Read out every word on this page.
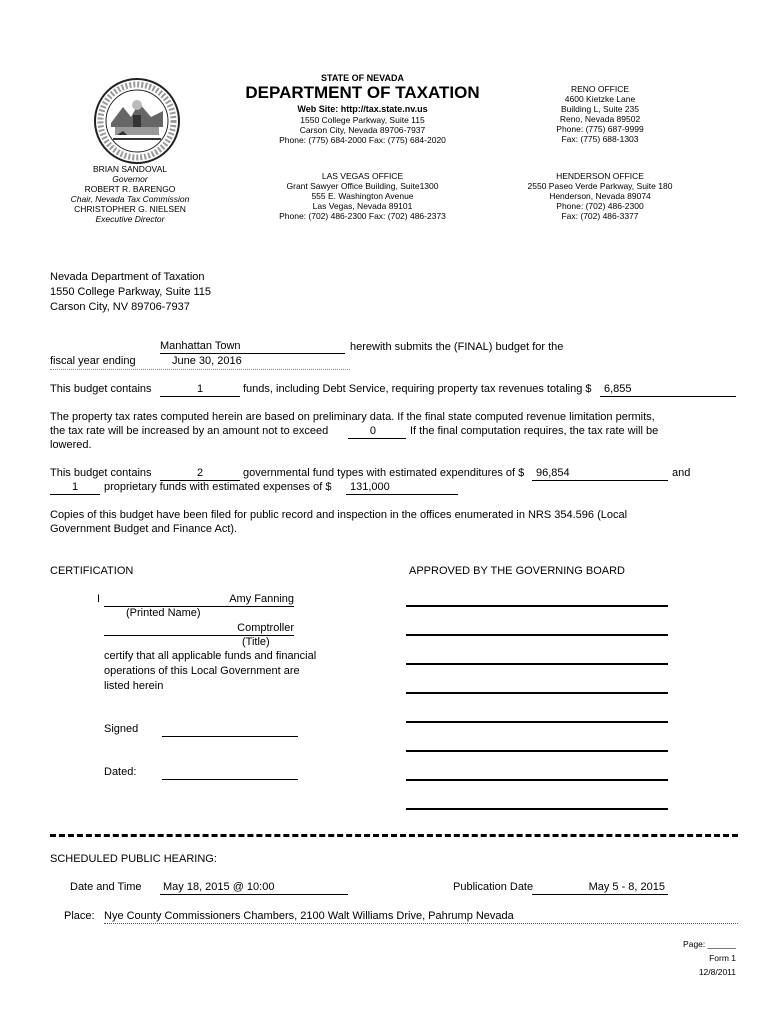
STATE OF NEVADA
DEPARTMENT OF TAXATION
Web Site: http://tax.state.nv.us
1550 College Parkway, Suite 115
Carson City, Nevada 89706-7937
Phone: (775) 684-2000 Fax: (775) 684-2020
RENO OFFICE
4600 Kietzke Lane
Building L, Suite 235
Reno, Nevada 89502
Phone: (775) 687-9999
Fax: (775) 688-1303
BRIAN SANDOVAL
Governor
ROBERT R. BARENGO
Chair, Nevada Tax Commission
CHRISTOPHER G. NIELSEN
Executive Director
LAS VEGAS OFFICE
Grant Sawyer Office Building, Suite1300
555 E. Washington Avenue
Las Vegas, Nevada 89101
Phone: (702) 486-2300 Fax: (702) 486-2373
HENDERSON OFFICE
2550 Paseo Verde Parkway, Suite 180
Henderson, Nevada 89074
Phone: (702) 486-2300
Fax: (702) 486-3377
Nevada Department of Taxation
1550 College Parkway, Suite 115
Carson City, NV 89706-7937
Manhattan Town	herewith submits the (FINAL) budget for the
fiscal year ending	June 30, 2016
This budget contains	1	funds, including Debt Service, requiring property tax revenues totaling $	6,855
The property tax rates computed herein are based on preliminary data. If the final state computed revenue limitation permits,
the tax rate will be increased by an amount not to exceed	0	If the final computation requires, the tax rate will be
lowered.
This budget contains	2	governmental fund types with estimated expenditures of $	96,854	and
1	proprietary funds with estimated expenses of $	131,000
Copies of this budget have been filed for public record and inspection in the offices enumerated in NRS 354.596 (Local
Government Budget and Finance Act).
CERTIFICATION	APPROVED BY THE GOVERNING BOARD
I	Amy Fanning
(Printed Name)
Comptroller
(Title)
certify that all applicable funds and financial
operations of this Local Government are
listed herein
Signed
Dated:
SCHEDULED PUBLIC HEARING:
Date and Time May 18, 2015 @ 10:00	Publication Date	May 5 - 8, 2015
Place: Nye County Commissioners Chambers, 2100 Walt Williams Drive, Pahrump Nevada
Page: ______
Form 1
12/8/2011
